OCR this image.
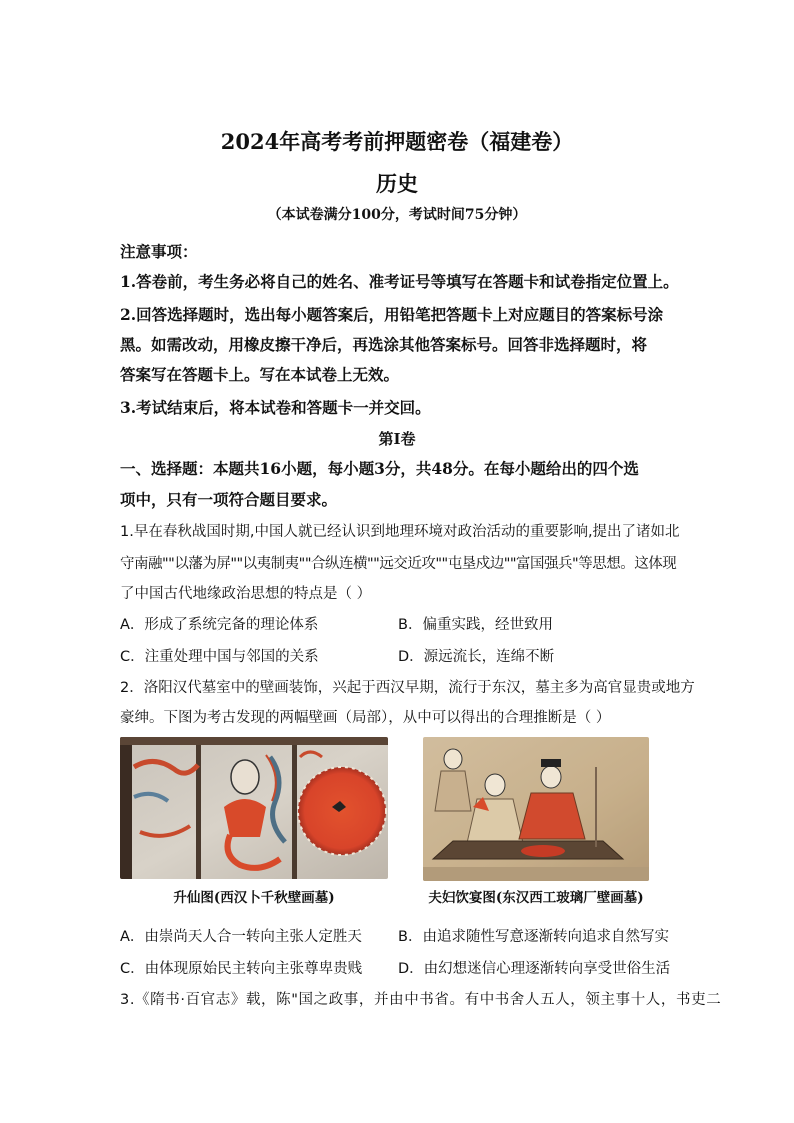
2024年高考考前押题密卷（福建卷）
历史
（本试卷满分100分，考试时间75分钟）
注意事项：
1.答卷前，考生务必将自己的姓名、准考证号等填写在答题卡和试卷指定位置上。
2.回答选择题时，选出每小题答案后，用铅笔把答题卡上对应题目的答案标号涂
黑。如需改动，用橡皮擦干净后，再选涂其他答案标号。回答非选择题时，将
答案写在答题卡上。写在本试卷上无效。
3.考试结束后，将本试卷和答题卡一并交回。
第Ⅰ卷
一、选择题：本题共16小题，每小题3分，共48分。在每小题给出的四个选
项中，只有一项符合题目要求。
1.早在春秋战国时期,中国人就已经认识到地理环境对政治活动的重要影响,提出了诸如北
守南融""以藩为屏""以夷制夷""合纵连横""远交近攻""屯垦戍边""富国强兵"等思想。这体现
了中国古代地缘政治思想的特点是（ ）
A．形成了系统完备的理论体系	B．偏重实践，经世致用
C．注重处理中国与邻国的关系	D．源远流长，连绵不断
2．洛阳汉代墓室中的壁画装饰，兴起于西汉早期，流行于东汉，墓主多为高官显贵或地方
豪绅。下图为考古发现的两幅壁画（局部），从中可以得出的合理推断是（ ）
升仙图(西汉卜千秋壁画墓)	夫妇饮宴图(东汉西工玻璃厂壁画墓)
A．由崇尚天人合一转向主张人定胜天 B．由追求随性写意逐渐转向追求自然写实
C．由体现原始民主转向主张尊卑贵贱 D．由幻想迷信心理逐渐转向享受世俗生活
3.《隋书·百官志》载，陈"国之政事，并由中书省。有中书舍人五人，领主事十人，书吏二
